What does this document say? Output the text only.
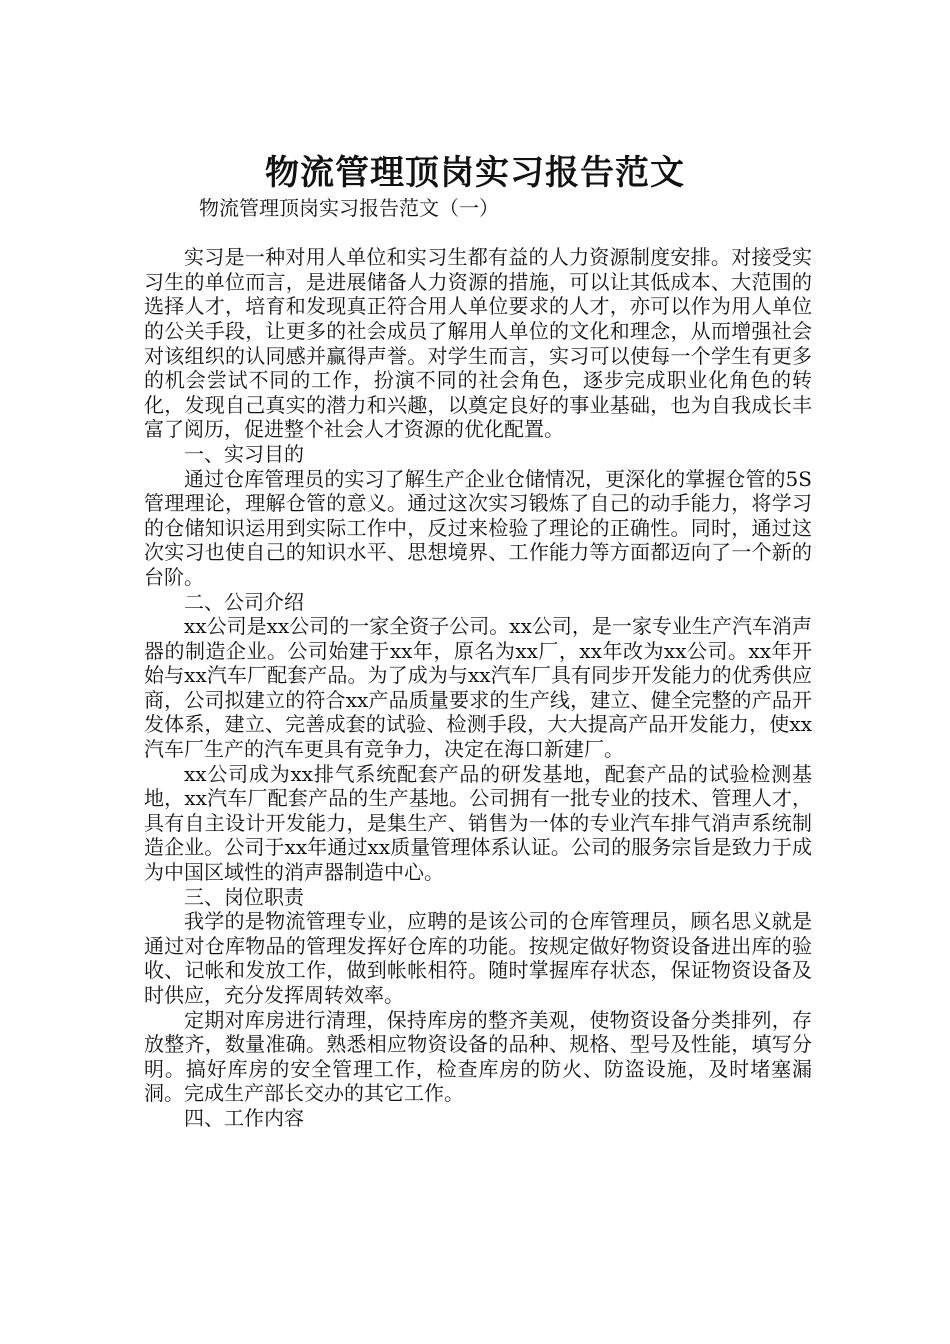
物流管理顶岗实习报告范文

物流管理顶岗实习报告范文（一）

实习是一种对用人单位和实习生都有益的人力资源制度安排。对接受实习生的单位而言，是进展储备人力资源的措施，可以让其低成本、大范围的选择人才，培育和发现真正符合用人单位要求的人才，亦可以作为用人单位的公关手段，让更多的社会成员了解用人单位的文化和理念，从而增强社会对该组织的认同感并赢得声誉。对学生而言，实习可以使每一个学生有更多的机会尝试不同的工作，扮演不同的社会角色，逐步完成职业化角色的转化，发现自己真实的潜力和兴趣，以奠定良好的事业基础，也为自我成长丰富了阅历，促进整个社会人才资源的优化配置。

一、实习目的

通过仓库管理员的实习了解生产企业仓储情况，更深化的掌握仓管的5S管理理论，理解仓管的意义。通过这次实习锻炼了自己的动手能力，将学习的仓储知识运用到实际工作中，反过来检验了理论的正确性。同时，通过这次实习也使自己的知识水平、思想境界、工作能力等方面都迈向了一个新的台阶。

二、公司介绍

xx公司是xx公司的一家全资子公司。xx公司，是一家专业生产汽车消声器的制造企业。公司始建于xx年，原名为xx厂，xx年改为xx公司。xx年开始与xx汽车厂配套产品。为了成为与xx汽车厂具有同步开发能力的优秀供应商，公司拟建立的符合xx产品质量要求的生产线，建立、健全完整的产品开发体系，建立、完善成套的试验、检测手段，大大提高产品开发能力，使xx汽车厂生产的汽车更具有竞争力，决定在海口新建厂。

xx公司成为xx排气系统配套产品的研发基地，配套产品的试验检测基地，xx汽车厂配套产品的生产基地。公司拥有一批专业的技术、管理人才，具有自主设计开发能力，是集生产、销售为一体的专业汽车排气消声系统制造企业。公司于xx年通过xx质量管理体系认证。公司的服务宗旨是致力于成为中国区域性的消声器制造中心。

三、岗位职责

我学的是物流管理专业，应聘的是该公司的仓库管理员，顾名思义就是通过对仓库物品的管理发挥好仓库的功能。按规定做好物资设备进出库的验收、记帐和发放工作，做到帐帐相符。随时掌握库存状态，保证物资设备及时供应，充分发挥周转效率。

定期对库房进行清理，保持库房的整齐美观，使物资设备分类排列，存放整齐，数量准确。熟悉相应物资设备的品种、规格、型号及性能，填写分明。搞好库房的安全管理工作，检查库房的防火、防盗设施，及时堵塞漏洞。完成生产部长交办的其它工作。

四、工作内容
